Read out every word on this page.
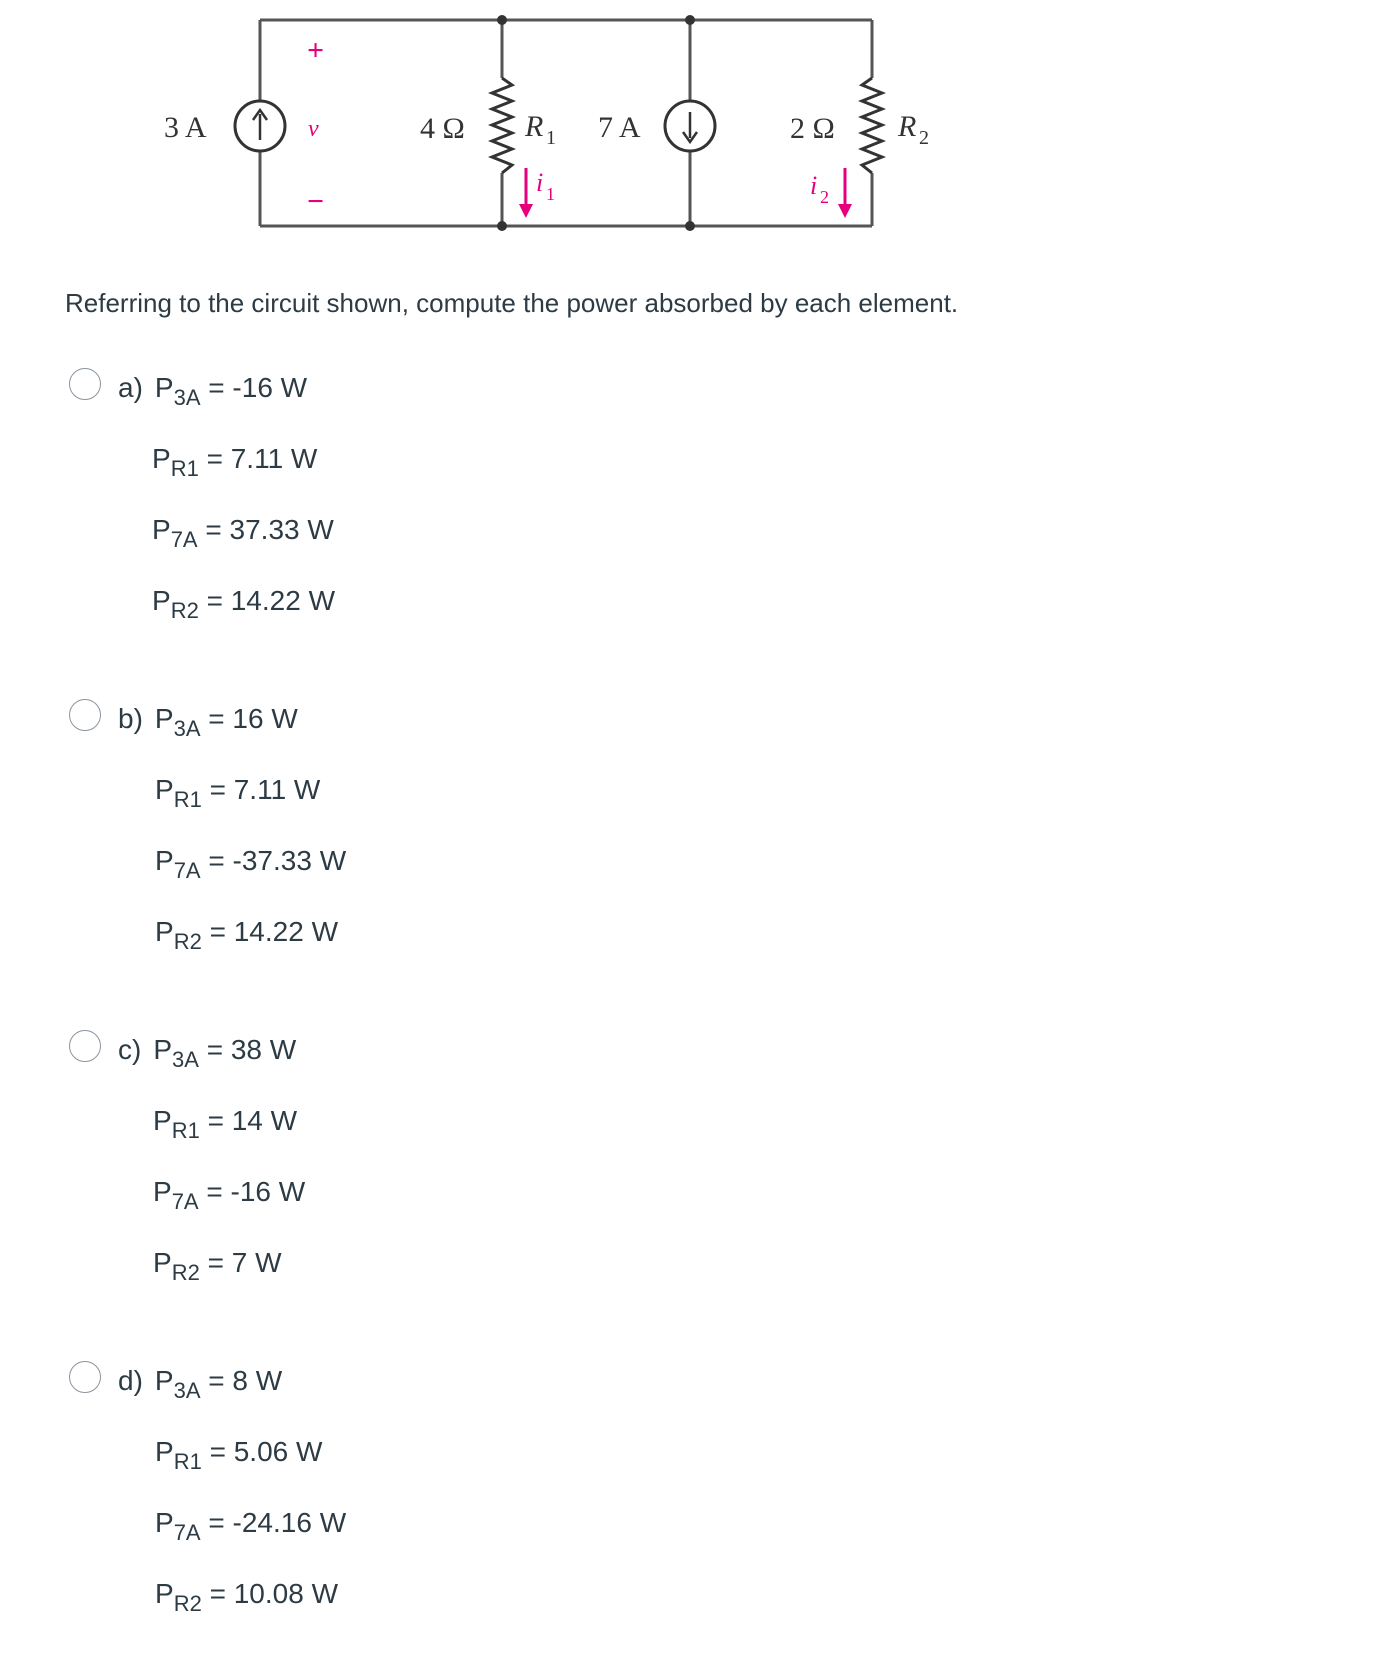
3 A
+
v
−
4 Ω R 1
i 1
7 A	2 Ω R 2
i 2

Referring to the circuit shown, compute the power absorbed by each element.

a) $P_{3A} = -16$ W
$P_{R1} = 7.11$ W
$P_{7A} = 37.33$ W
$P_{R2} = 14.22$ W
b) $P_{3A} = 16$ W
$P_{R1} = 7.11$ W
$P_{7A} = -37.33$ W
$P_{R2} = 14.22$ W
c) $P_{3A} = 38$ W
$P_{R1} = 14$ W
$P_{7A} = -16$ W
$P_{R2} = 7$ W
d) $P_{3A} = 8$ W
$P_{R1} = 5.06$ W
$P_{7A} = -24.16$ W
$P_{R2} = 10.08$ W
